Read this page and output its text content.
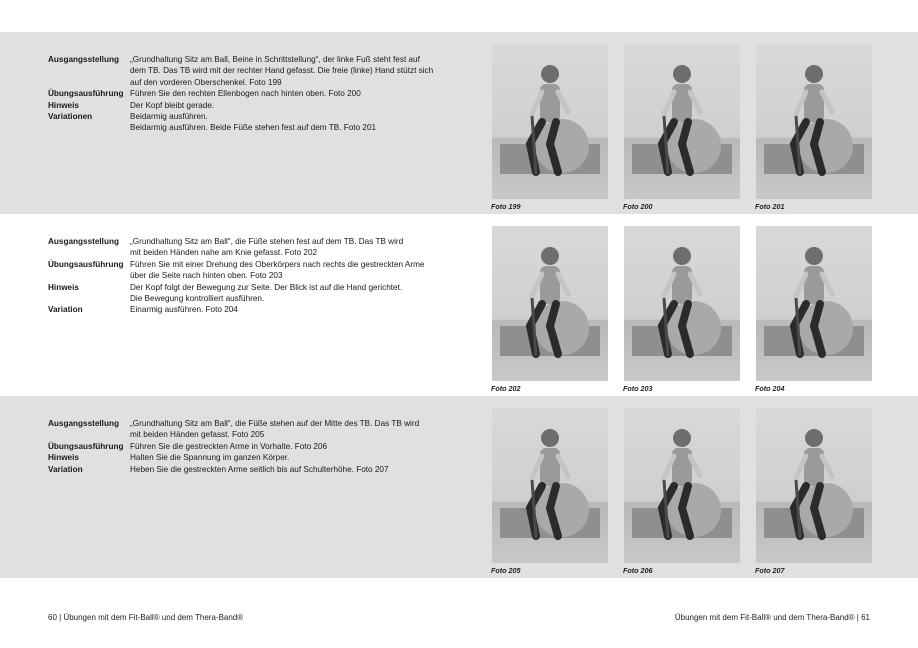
Ausgangsstellung	„Grundhaltung Sitz am Ball, Beine in Schrittstellung“, der linke Fuß steht fest auf
dem TB. Das TB wird mit der rechter Hand gefasst. Die freie (linke) Hand stützt sich
auf den vorderen Oberschenkel. Foto 199
Übungsausführung Führen Sie den rechten Ellenbogen nach hinten oben. Foto 200
Hinweis	Der Kopf bleibt gerade.
Variationen	Beidarmig ausführen.
Beidarmig ausführen. Beide Füße stehen fest auf dem TB. Foto 201
Foto 199	Foto 200	Foto 201
Ausgangsstellung	„Grundhaltung Sitz am Ball“, die Füße stehen fest auf dem TB. Das TB wird
mit beiden Händen nahe am Knie gefasst. Foto 202
Übungsausführung Führen Sie mit einer Drehung des Oberkörpers nach rechts die gestreckten Arme
über die Seite nach hinten oben. Foto 203
Hinweis	Der Kopf folgt der Bewegung zur Seite. Der Blick ist auf die Hand gerichtet.
Die Bewegung kontrolliert ausführen.
Variation	Einarmig ausführen. Foto 204
Foto 202	Foto 203	Foto 204
Ausgangsstellung	„Grundhaltung Sitz am Ball“, die Füße stehen auf der Mitte des TB. Das TB wird
mit beiden Händen gefasst. Foto 205
Übungsausführung Führen Sie die gestreckten Arme in Vorhalte. Foto 206
Hinweis	Halten Sie die Spannung im ganzen Körper.
Variation	Heben Sie die gestreckten Arme seitlich bis auf Schulterhöhe. Foto 207
Foto 205	Foto 206	Foto 207
60 | Übungen mit dem Fit-Ball® und dem Thera-Band®	Übungen mit dem Fit-Ball® und dem Thera-Band® | 61
